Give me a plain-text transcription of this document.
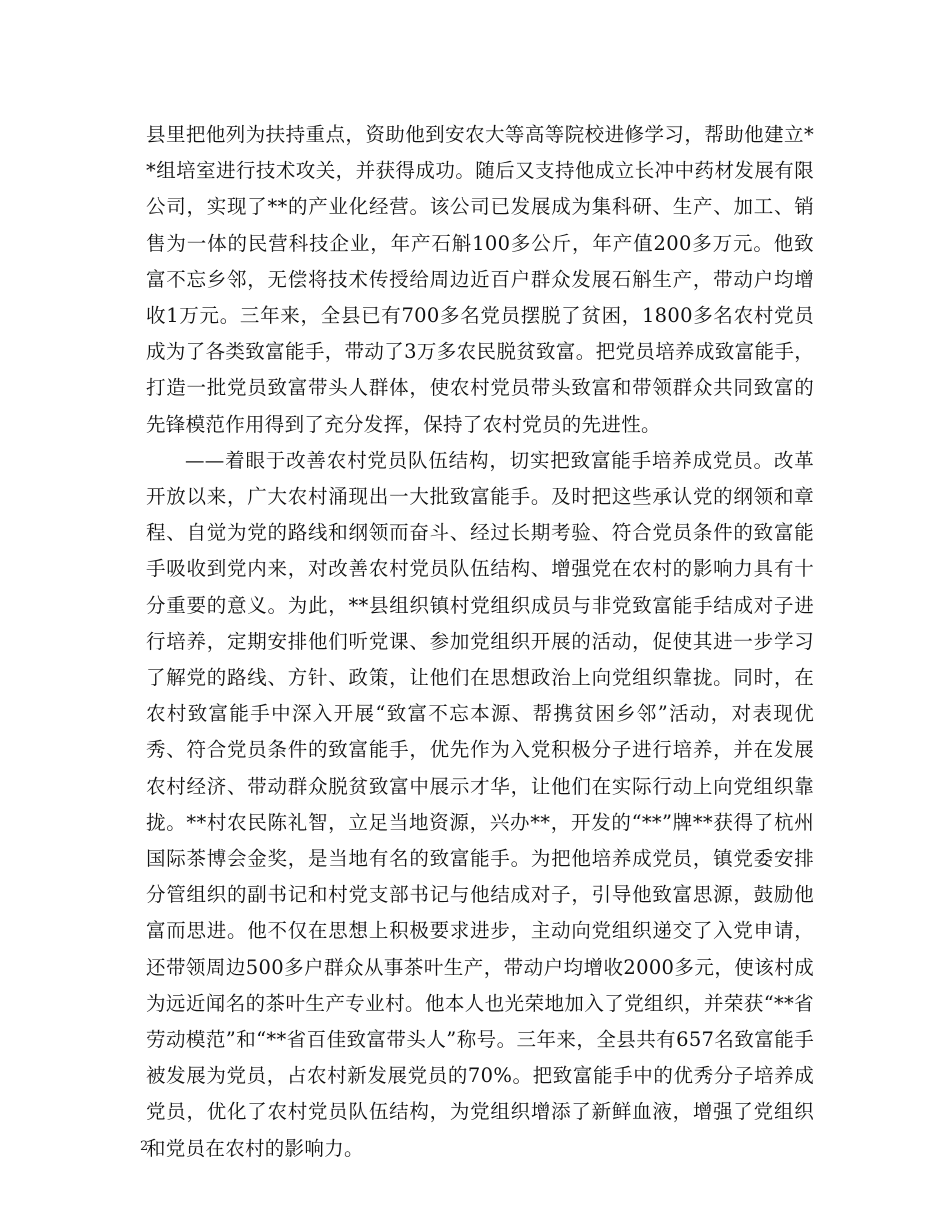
县里把他列为扶持重点，资助他到安农大等高等院校进修学习，帮助他建立**组培室进行技术攻关，并获得成功。随后又支持他成立长冲中药材发展有限公司，实现了**的产业化经营。该公司已发展成为集科研、生产、加工、销售为一体的民营科技企业，年产石斛100多公斤，年产值200多万元。他致富不忘乡邻，无偿将技术传授给周边近百户群众发展石斛生产，带动户均增收1万元。三年来，全县已有700多名党员摆脱了贫困，1800多名农村党员成为了各类致富能手，带动了3万多农民脱贫致富。把党员培养成致富能手，打造一批党员致富带头人群体，使农村党员带头致富和带领群众共同致富的先锋模范作用得到了充分发挥，保持了农村党员的先进性。

——着眼于改善农村党员队伍结构，切实把致富能手培养成党员。改革开放以来，广大农村涌现出一大批致富能手。及时把这些承认党的纲领和章程、自觉为党的路线和纲领而奋斗、经过长期考验、符合党员条件的致富能手吸收到党内来，对改善农村党员队伍结构、增强党在农村的影响力具有十分重要的意义。为此，**县组织镇村党组织成员与非党致富能手结成对子进行培养，定期安排他们听党课、参加党组织开展的活动，促使其进一步学习了解党的路线、方针、政策，让他们在思想政治上向党组织靠拢。同时，在农村致富能手中深入开展“致富不忘本源、帮携贫困乡邻”活动，对表现优秀、符合党员条件的致富能手，优先作为入党积极分子进行培养，并在发展农村经济、带动群众脱贫致富中展示才华，让他们在实际行动上向党组织靠拢。**村农民陈礼智，立足当地资源，兴办**，开发的“**”牌**获得了杭州国际茶博会金奖，是当地有名的致富能手。为把他培养成党员，镇党委安排分管组织的副书记和村党支部书记与他结成对子，引导他致富思源，鼓励他富而思进。他不仅在思想上积极要求进步，主动向党组织递交了入党申请，还带领周边500多户群众从事茶叶生产，带动户均增收2000多元，使该村成为远近闻名的茶叶生产专业村。他本人也光荣地加入了党组织，并荣获“**省劳动模范”和“**省百佳致富带头人”称号。三年来，全县共有657名致富能手被发展为党员，占农村新发展党员的70%。把致富能手中的优秀分子培养成党员，优化了农村党员队伍结构，为党组织增添了新鲜血液，增强了党组织和党员在农村的影响力。

2
